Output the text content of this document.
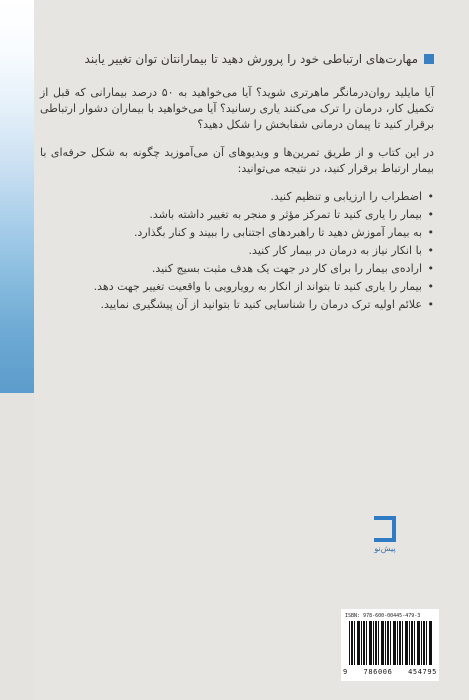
مهارت‌های ارتباطی خود را پرورش دهید تا بیمارانتان توان تغییر یابند

آیا مایلید روان‌درمانگر ماهرتری شوید؟ آیا می‌خواهید به ۵۰ درصد بیمارانی که قبل از تکمیل کار، درمان را ترک می‌کنند یاری رسانید؟ آیا می‌خواهید با بیماران دشوار ارتباطی برقرار کنید تا پیمان درمانی شفابخش را شکل دهید؟

در این کتاب و از طریق تمرین‌ها و ویدیوهای آن می‌آموزید چگونه به شکل حرفه‌ای با بیمار ارتباط برقرار کنید، در نتیجه می‌توانید:

•
اضطراب را ارزیابی و تنظیم کنید.
•
بیمار را یاری کنید تا تمرکز مؤثر و منجر به تغییر داشته باشد.
•
به بیمار آموزش دهید تا راهبردهای اجتنابی را ببیند و کنار بگذارد.
•
با انکار نیاز به درمان در بیمار کار کنید.
•
اراده‌ی بیمار را برای کار در جهت یک هدف مثبت بسیج کنید.
•
بیمار را یاری کنید تا بتواند از انکار به رویارویی با واقعیت تغییر جهت دهد.
•
علائم اولیه ترک درمان را شناسایی کنید تا بتوانید از آن پیشگیری نمایید.
پیش‌نو
ISBN: 978-600-00445-479-3
9 786006 454795
